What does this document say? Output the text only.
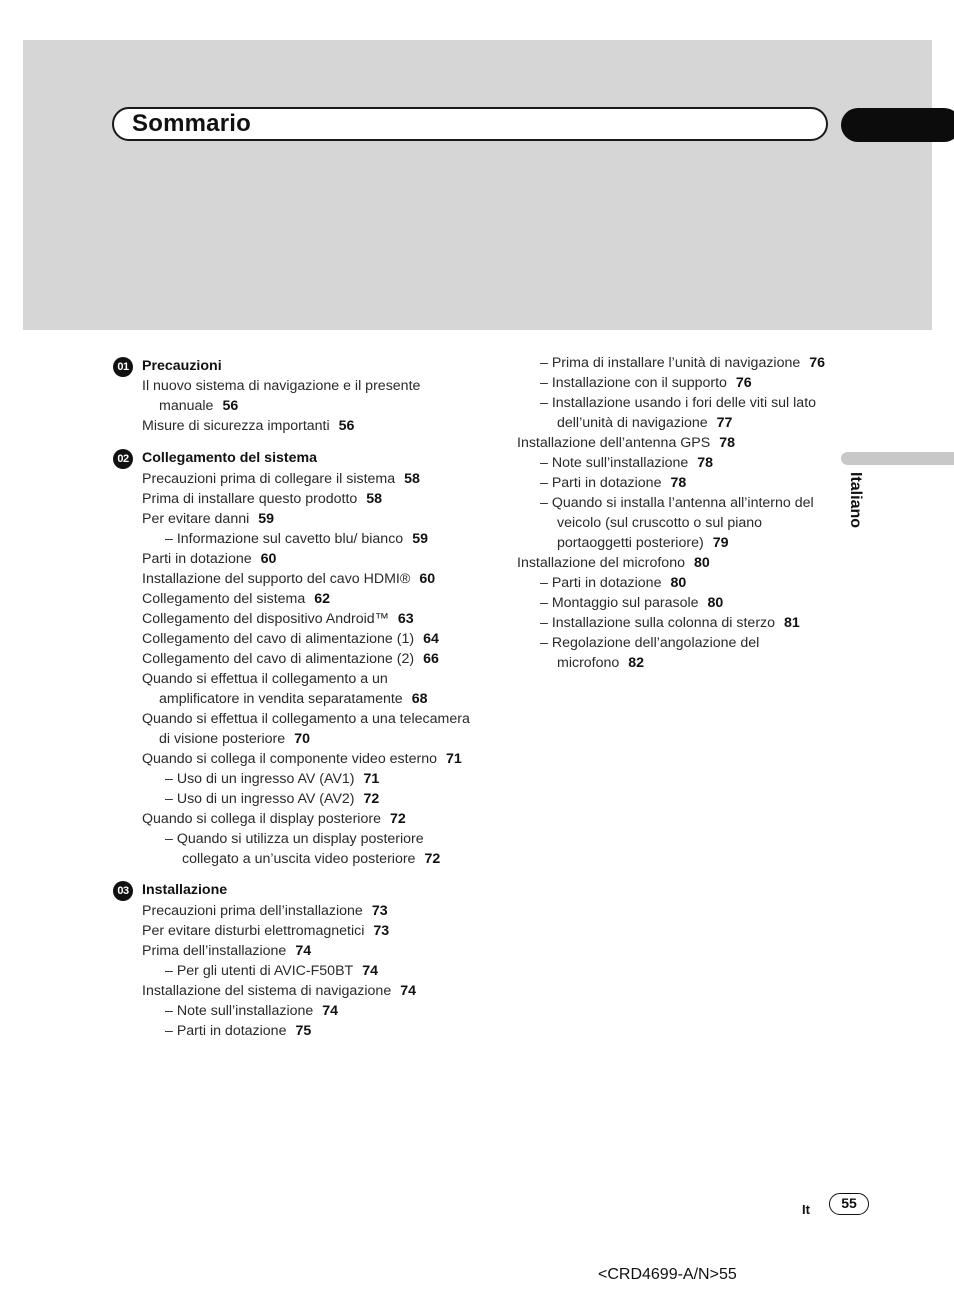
Sommario
Italiano
01 Precauzioni
Il nuovo sistema di navigazione e il presente manuale 56
Misure di sicurezza importanti 56
02 Collegamento del sistema
Precauzioni prima di collegare il sistema 58
Prima di installare questo prodotto 58
Per evitare danni 59
– Informazione sul cavetto blu/ bianco 59
Parti in dotazione 60
Installazione del supporto del cavo HDMI® 60
Collegamento del sistema 62
Collegamento del dispositivo Android™ 63
Collegamento del cavo di alimentazione (1) 64
Collegamento del cavo di alimentazione (2) 66
Quando si effettua il collegamento a un amplificatore in vendita separatamente 68
Quando si effettua il collegamento a una telecamera di visione posteriore 70
Quando si collega il componente video esterno 71
– Uso di un ingresso AV (AV1) 71
– Uso di un ingresso AV (AV2) 72
Quando si collega il display posteriore 72
– Quando si utilizza un display posteriore collegato a un’uscita video posteriore 72
03 Installazione
Precauzioni prima dell’installazione 73
Per evitare disturbi elettromagnetici 73
Prima dell’installazione 74
– Per gli utenti di AVIC-F50BT 74
Installazione del sistema di navigazione 74
– Note sull’installazione 74
– Parti in dotazione 75
– Prima di installare l’unità di navigazione 76
– Installazione con il supporto 76
– Installazione usando i fori delle viti sul lato dell’unità di navigazione 77
Installazione dell’antenna GPS 78
– Note sull’installazione 78
– Parti in dotazione 78
– Quando si installa l’antenna all’interno del veicolo (sul cruscotto o sul piano portaoggetti posteriore) 79
Installazione del microfono 80
– Parti in dotazione 80
– Montaggio sul parasole 80
– Installazione sulla colonna di sterzo 81
– Regolazione dell’angolazione del microfono 82
It	55
<CRD4699-A/N>55
